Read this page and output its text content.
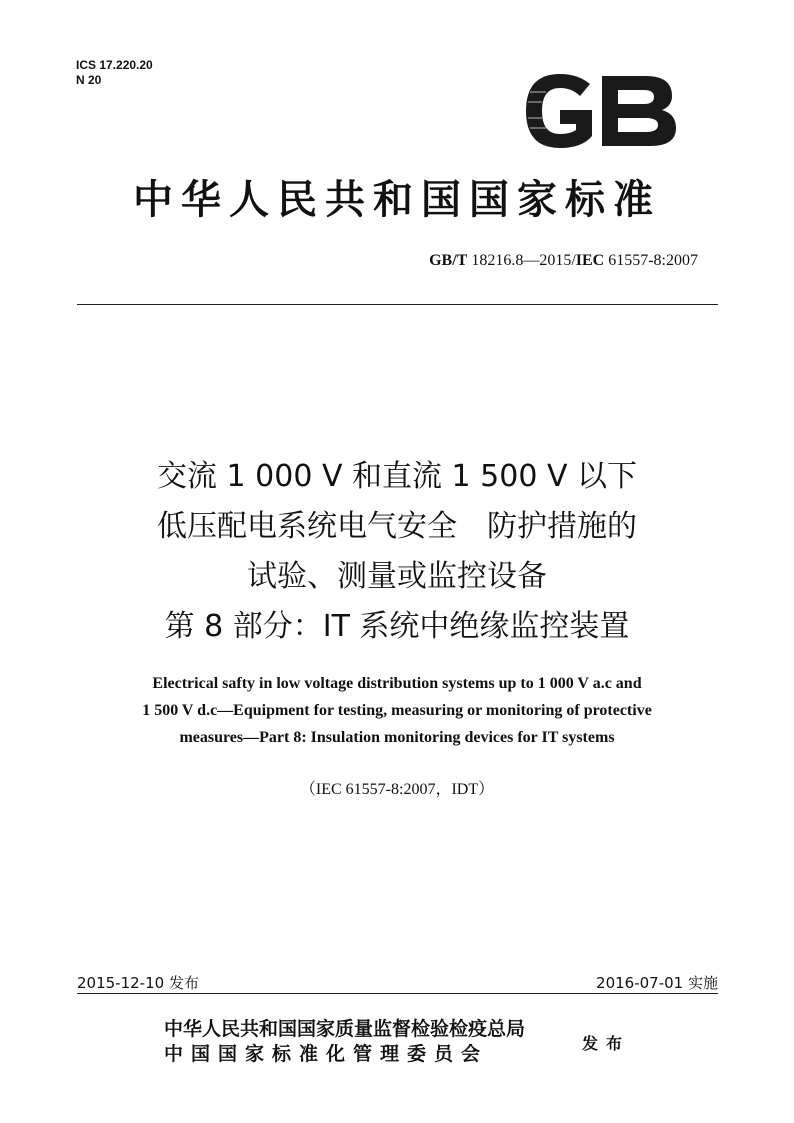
ICS 17.220.20
N 20
中华人民共和国国家标准
GB/T 18216.8—2015/IEC 61557-8:2007
交流 1 000 V 和直流 1 500 V 以下
低压配电系统电气安全　防护措施的
试验、测量或监控设备
第 8 部分：IT 系统中绝缘监控装置
Electrical safty in low voltage distribution systems up to 1 000 V a.c and
1 500 V d.c—Equipment for testing, measuring or monitoring of protective
measures—Part 8: Insulation monitoring devices for IT systems
（IEC 61557-8:2007，IDT）
2015-12-10 发布	2016-07-01 实施
中华人民共和国国家质量监督检验检疫总局
中国国家标准化管理委员会	发布
